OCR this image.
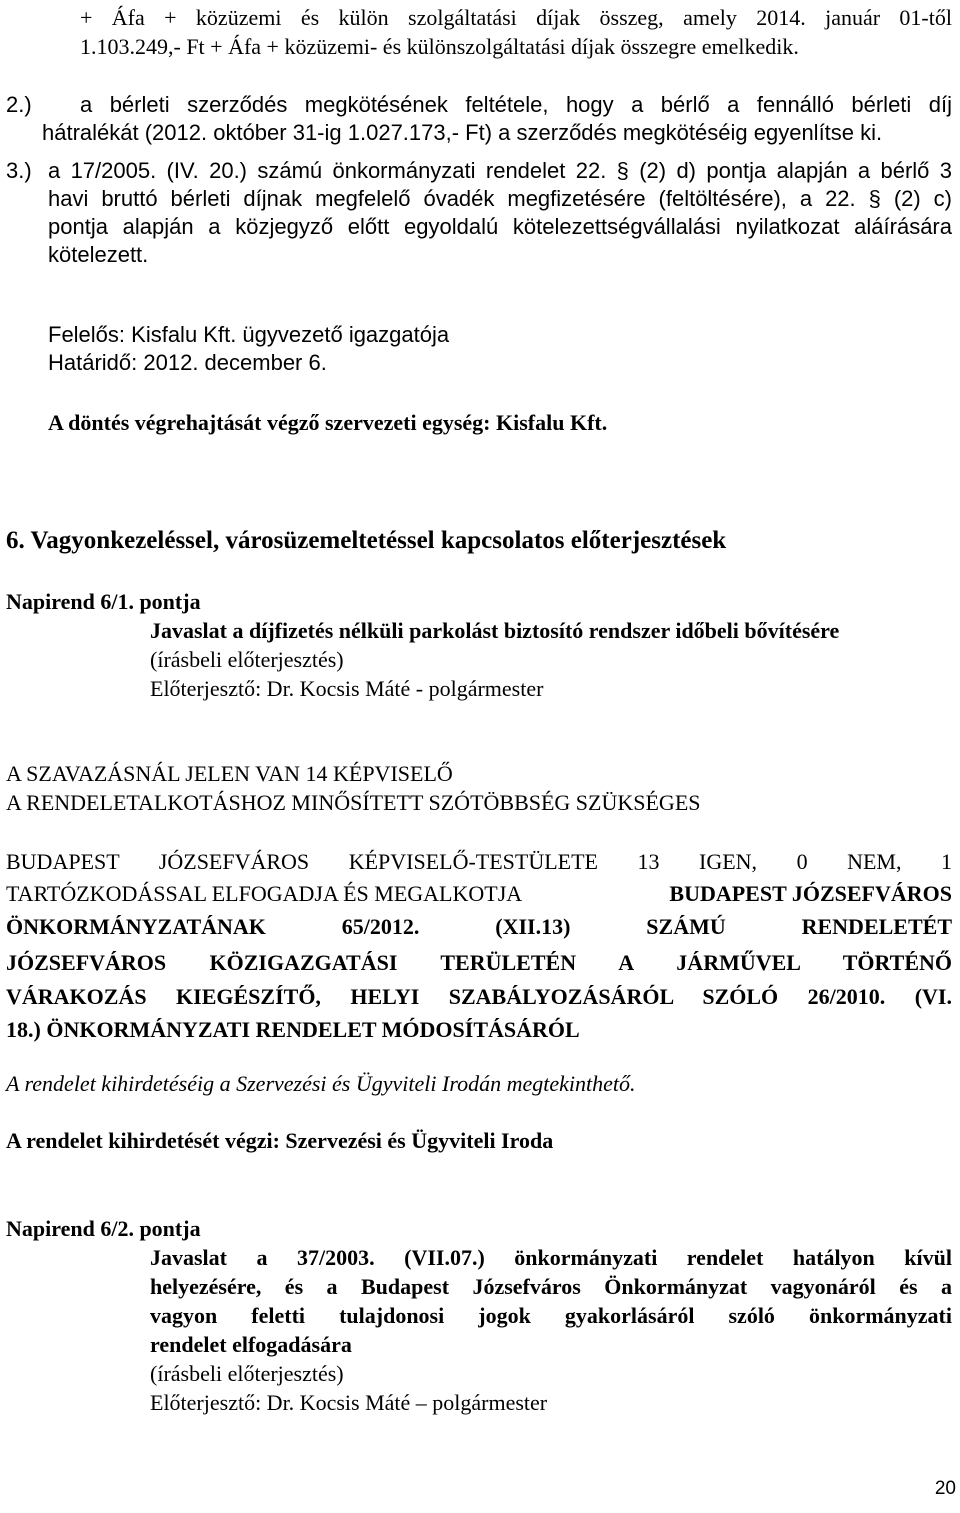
+ Áfa + közüzemi és külön szolgáltatási díjak összeg, amely 2014. január 01-től
1.103.249,- Ft + Áfa + közüzemi- és különszolgáltatási díjak összegre emelkedik.
2.) a bérleti szerződés megkötésének feltétele, hogy a bérlő a fennálló bérleti díj
hátralékát (2012. október 31-ig 1.027.173,- Ft) a szerződés megkötéséig egyenlítse ki.
3.) a 17/2005. (IV. 20.) számú önkormányzati rendelet 22. § (2) d) pontja alapján a bérlő 3
havi bruttó bérleti díjnak megfelelő óvadék megfizetésére (feltöltésére), a 22. § (2) c)
pontja alapján a közjegyző előtt egyoldalú kötelezettségvállalási nyilatkozat aláírására
kötelezett.
Felelős: Kisfalu Kft. ügyvezető igazgatója
Határidő: 2012. december 6.
A döntés végrehajtását végző szervezeti egység: Kisfalu Kft.
6. Vagyonkezeléssel, városüzemeltetéssel kapcsolatos előterjesztések
Napirend 6/1. pontja
Javaslat a díjfizetés nélküli parkolást biztosító rendszer időbeli bővítésére
(írásbeli előterjesztés)
Előterjesztő: Dr. Kocsis Máté - polgármester
A SZAVAZÁSNÁL JELEN VAN 14 KÉPVISELŐ
A RENDELETALKOTÁSHOZ MINŐSÍTETT SZÓTÖBBSÉG SZÜKSÉGES
BUDAPEST JÓZSEFVÁROS KÉPVISELŐ-TESTÜLETE 13 IGEN, 0 NEM, 1
TARTÓZKODÁSSAL ELFOGADJA ÉS MEGALKOTJA	BUDAPEST JÓZSEFVÁROS
ÖNKORMÁNYZATÁNAK 65/2012. (XII.13) SZÁMÚ RENDELETÉT
JÓZSEFVÁROS KÖZIGAZGATÁSI TERÜLETÉN A JÁRMŰVEL TÖRTÉNŐ
VÁRAKOZÁS KIEGÉSZÍTŐ, HELYI SZABÁLYOZÁSÁRÓL SZÓLÓ 26/2010. (VI.
18.) ÖNKORMÁNYZATI RENDELET MÓDOSÍTÁSÁRÓL
A rendelet kihirdetéséig a Szervezési és Ügyviteli Irodán megtekinthető.
A rendelet kihirdetését végzi: Szervezési és Ügyviteli Iroda
Napirend 6/2. pontja
Javaslat a 37/2003. (VII.07.) önkormányzati rendelet hatályon kívül
helyezésére, és a Budapest Józsefváros Önkormányzat vagyonáról és a
vagyon feletti tulajdonosi jogok gyakorlásáról szóló önkormányzati
rendelet elfogadására
(írásbeli előterjesztés)
Előterjesztő: Dr. Kocsis Máté – polgármester
20
